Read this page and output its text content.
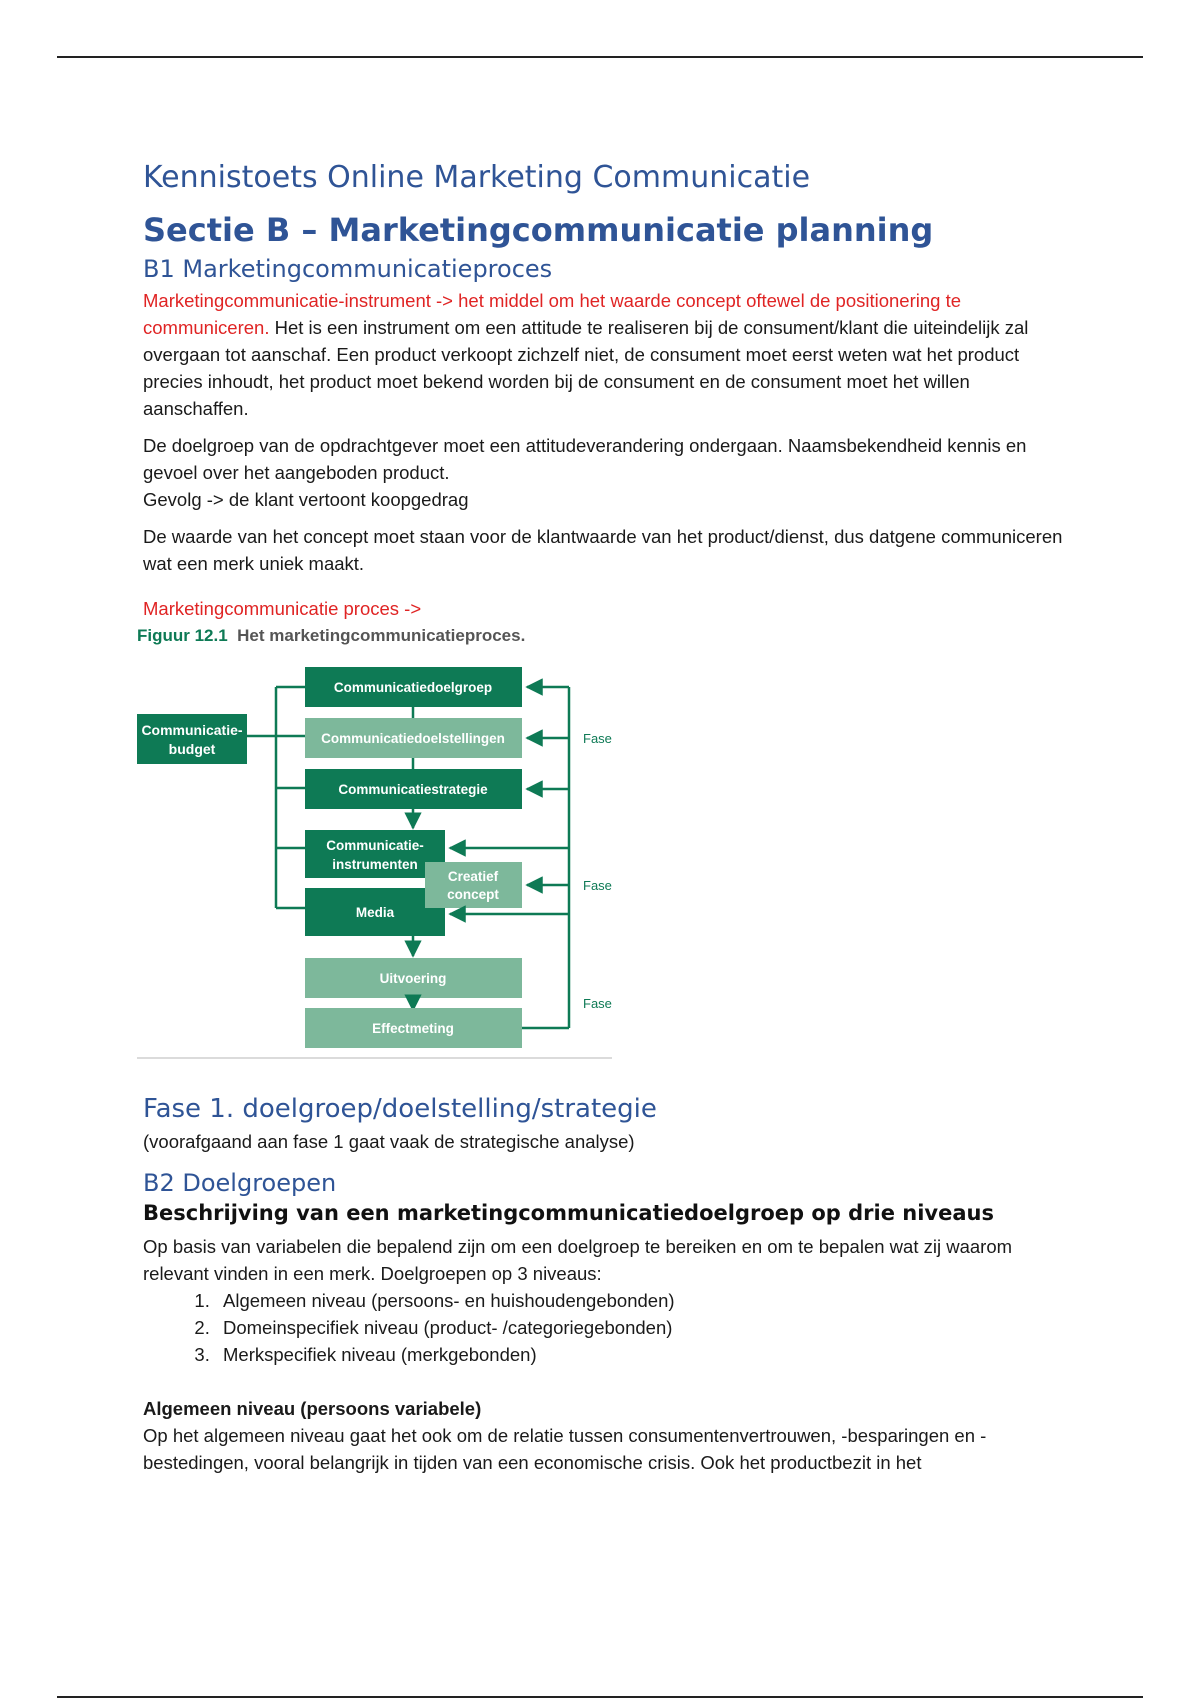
Kennistoets Online Marketing Communicatie
Sectie B – Marketingcommunicatie planning
B1 Marketingcommunicatieproces

Marketingcommunicatie-instrument -> het middel om het waarde concept oftewel de positionering te communiceren. Het is een instrument om een attitude te realiseren bij de consument/klant die uiteindelijk zal overgaan tot aanschaf. Een product verkoopt zichzelf niet, de consument moet eerst weten wat het product precies inhoudt, het product moet bekend worden bij de consument en de consument moet het willen aanschaffen.

De doelgroep van de opdrachtgever moet een attitudeverandering ondergaan. Naamsbekendheid kennis en gevoel over het aangeboden product.
Gevolg -> de klant vertoont koopgedrag

De waarde van het concept moet staan voor de klantwaarde van het product/dienst, dus datgene communiceren wat een merk uniek maakt.

Marketingcommunicatie proces ->

Figuur 12.1 Het marketingcommunicatieproces.
Communicatie-
budget
Communicatiedoelgroep
Communicatiedoelstellingen
Communicatiestrategie
Communicatie-
instrumenten
Media
Creatief
concept
Uitvoering
Effectmeting
Fase
Fase
Fase
Fase 1. doelgroep/doelstelling/strategie

(voorafgaand aan fase 1 gaat vaak de strategische analyse)

B2 Doelgroepen
Beschrijving van een marketingcommunicatiedoelgroep op drie niveaus

Op basis van variabelen die bepalend zijn om een doelgroep te bereiken en om te bepalen wat zij waarom relevant vinden in een merk. Doelgroepen op 3 niveaus:

1. Algemeen niveau (persoons- en huishoudengebonden)
2. Domeinspecifiek niveau (product- /categoriegebonden)
3. Merkspecifiek niveau (merkgebonden)
Algemeen niveau (persoons variabele)

Op het algemeen niveau gaat het ook om de relatie tussen consumentenvertrouwen, -besparingen en -bestedingen, vooral belangrijk in tijden van een economische crisis. Ook het productbezit in het
